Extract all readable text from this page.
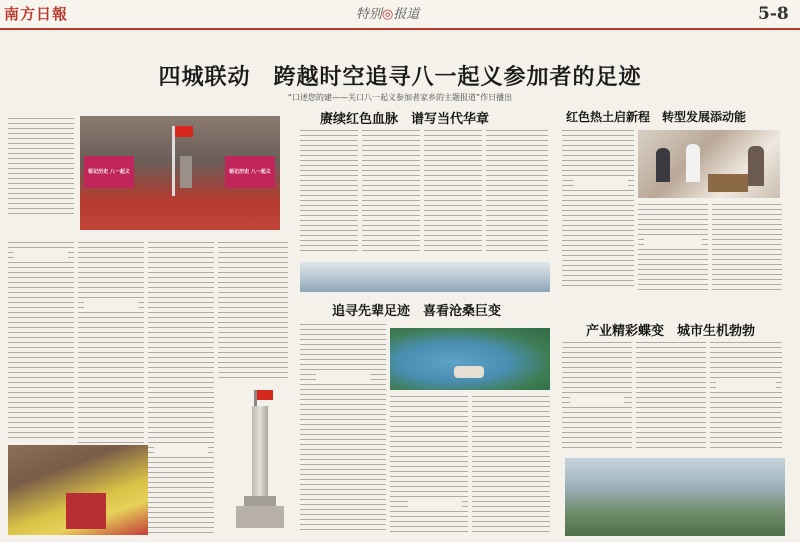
南方日報	特别◎报道	5-8
四城联动　跨越时空追寻八一起义参加者的足迹
“口述您的建——关口八一起义参加者家乡的主题报道”作日播出
铭记历史 八一起义	铭记历史 八一起义
赓续红色血脉　谱写当代华章
追寻先辈足迹　喜看沧桑巨变
红色热土启新程　转型发展添动能
产业精彩蝶变　城市生机勃勃
